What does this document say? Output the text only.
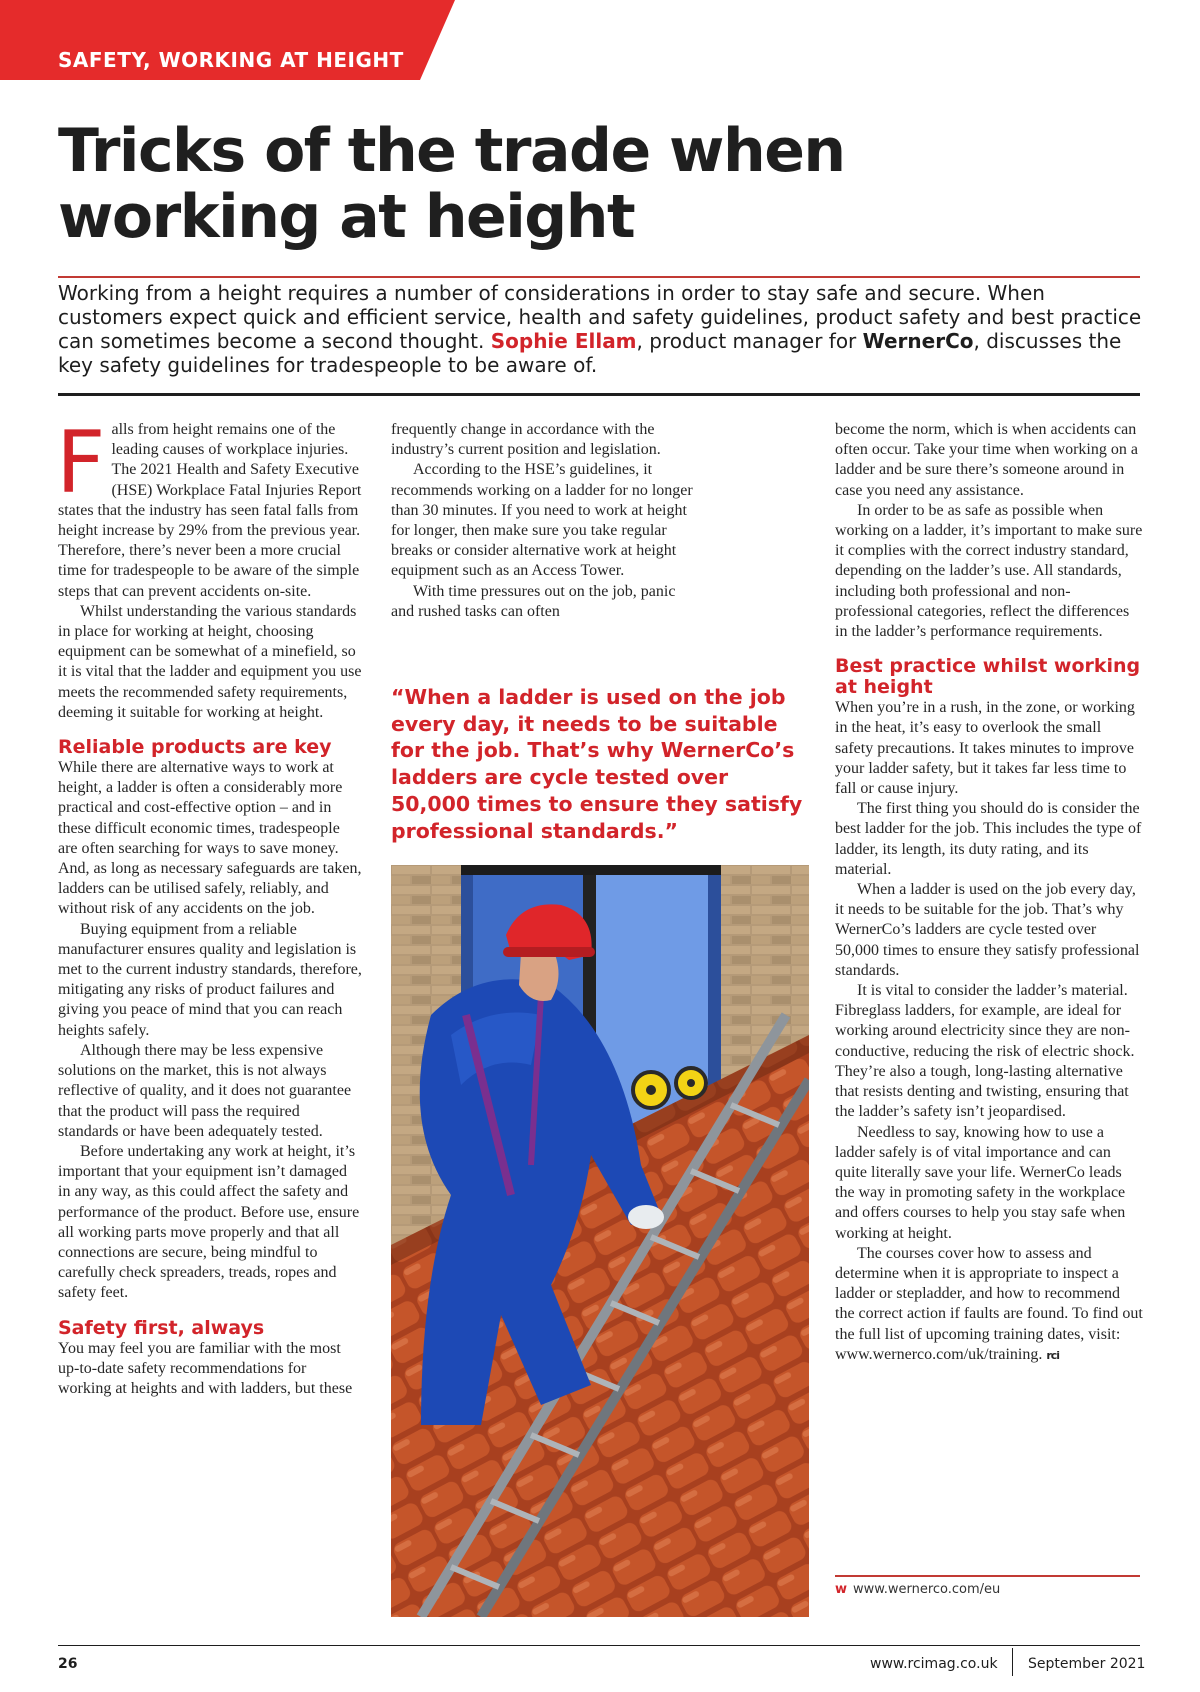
SAFETY, WORKING AT HEIGHT
Tricks of the trade when
working at height

Working from a height requires a number of considerations in order to stay safe and secure. When customers expect quick and efficient service, health and safety guidelines, product safety and best practice can sometimes become a second thought. Sophie Ellam, product manager for WernerCo, discusses the key safety guidelines for tradespeople to be aware of.

Falls from height remains one of the leading causes of workplace injuries. The 2021 Health and Safety Executive (HSE) Workplace Fatal Injuries Report states that the industry has seen fatal falls from height increase by 29% from the previous year. Therefore, there’s never been a more crucial time for tradespeople to be aware of the simple steps that can prevent accidents on-site.

Whilst understanding the various standards in place for working at height, choosing equipment can be somewhat of a minefield, so it is vital that the ladder and equipment you use meets the recommended safety requirements, deeming it suitable for working at height.

Reliable products are key

While there are alternative ways to work at height, a ladder is often a considerably more practical and cost-effective option – and in these difficult economic times, tradespeople are often searching for ways to save money. And, as long as necessary safeguards are taken, ladders can be utilised safely, reliably, and without risk of any accidents on the job.

Buying equipment from a reliable manufacturer ensures quality and legislation is met to the current industry standards, therefore, mitigating any risks of product failures and giving you peace of mind that you can reach heights safely.

Although there may be less expensive solutions on the market, this is not always reflective of quality, and it does not guarantee that the product will pass the required standards or have been adequately tested.

Before undertaking any work at height, it’s important that your equipment isn’t damaged in any way, as this could affect the safety and performance of the product. Before use, ensure all working parts move properly and that all connections are secure, being mindful to carefully check spreaders, treads, ropes and safety feet.

Safety first, always

You may feel you are familiar with the most up-to-date safety recommendations for working at heights and with ladders, but these

frequently change in accordance with the industry’s current position and legislation.

According to the HSE’s guidelines, it recommends working on a ladder for no longer than 30 minutes. If you need to work at height for longer, then make sure you take regular breaks or consider alternative work at height equipment such as an Access Tower.

With time pressures out on the job, panic and rushed tasks can often

“When a ladder is used on the job every day, it needs to be suitable for the job. That’s why WernerCo’s ladders are cycle tested over 50,000 times to ensure they satisfy professional standards.”

become the norm, which is when accidents can often occur. Take your time when working on a ladder and be sure there’s someone around in case you need any assistance.

In order to be as safe as possible when working on a ladder, it’s important to make sure it complies with the correct industry standard, depending on the ladder’s use. All standards, including both professional and non-professional categories, reflect the differences in the ladder’s performance requirements.

Best practice whilst working at height

When you’re in a rush, in the zone, or working in the heat, it’s easy to overlook the small safety precautions. It takes minutes to improve your ladder safety, but it takes far less time to fall or cause injury.

The first thing you should do is consider the best ladder for the job. This includes the type of ladder, its length, its duty rating, and its material.

When a ladder is used on the job every day, it needs to be suitable for the job. That’s why WernerCo’s ladders are cycle tested over 50,000 times to ensure they satisfy professional standards.

It is vital to consider the ladder’s material. Fibreglass ladders, for example, are ideal for working around electricity since they are non-conductive, reducing the risk of electric shock. They’re also a tough, long-lasting alternative that resists denting and twisting, ensuring that the ladder’s safety isn’t jeopardised.

Needless to say, knowing how to use a ladder safely is of vital importance and can quite literally save your life. WernerCo leads the way in promoting safety in the workplace and offers courses to help you stay safe when working at height.

The courses cover how to assess and determine when it is appropriate to inspect a ladder or stepladder, and how to recommend the correct action if faults are found. To find out the full list of upcoming training dates, visit: www.wernerco.com/uk/training. rci

w www.wernerco.com/eu
26	www.rcimag.co.uk September 2021
